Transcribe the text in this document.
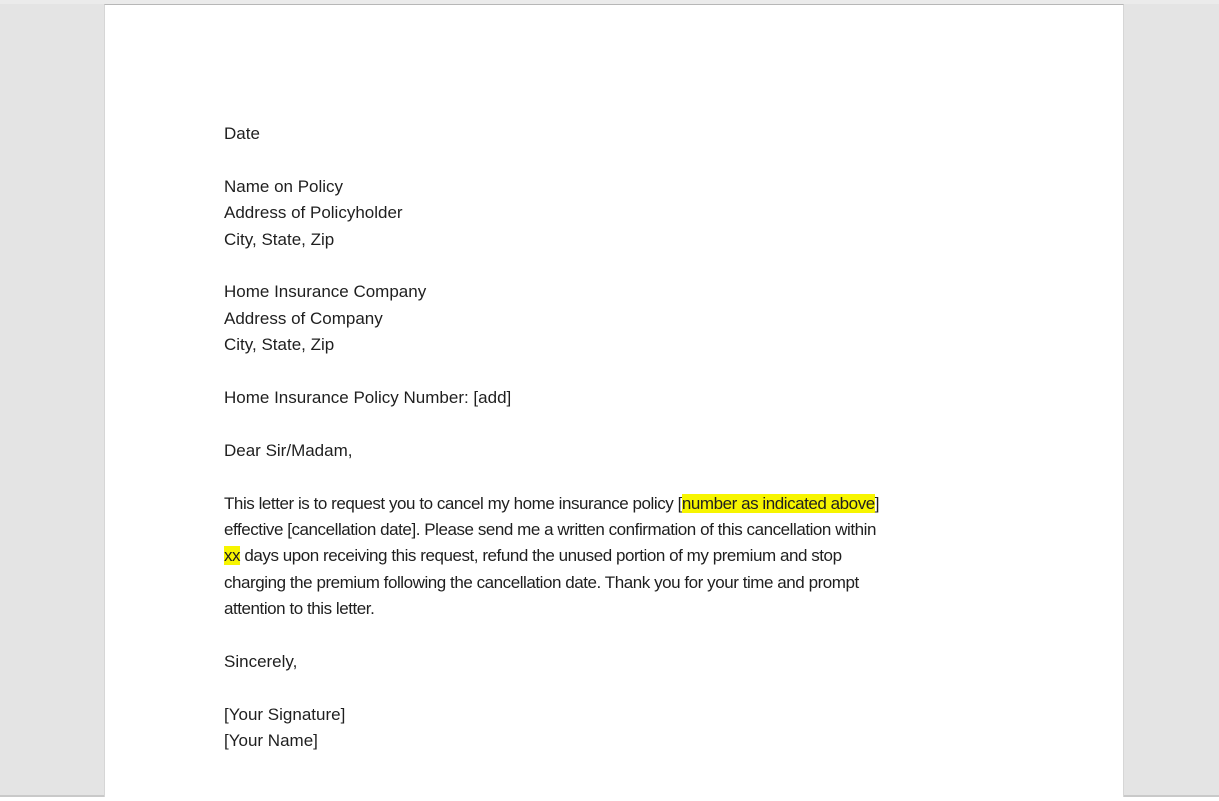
Date

Name on Policy
Address of Policyholder
City, State, Zip

Home Insurance Company
Address of Company
City, State, Zip

Home Insurance Policy Number: [add]

Dear Sir/Madam,

This letter is to request you to cancel my home insurance policy [number as indicated above]
effective [cancellation date]. Please send me a written confirmation of this cancellation within
xx days upon receiving this request, refund the unused portion of my premium and stop
charging the premium following the cancellation date. Thank you for your time and prompt
attention to this letter.

Sincerely,

[Your Signature]
[Your Name]
